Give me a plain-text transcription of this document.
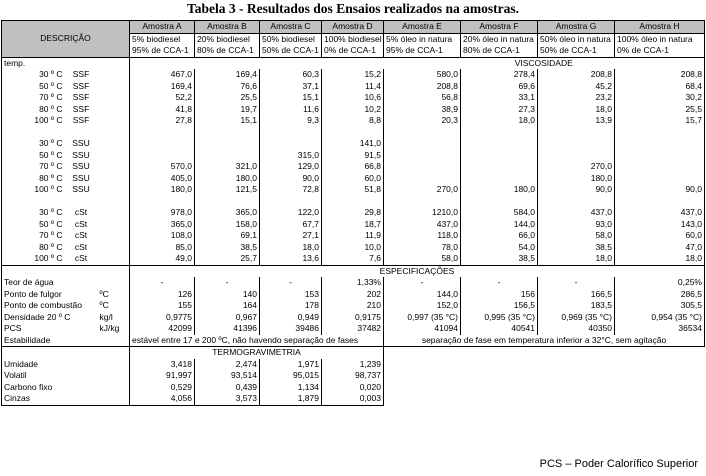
Tabela 3 - Resultados dos Ensaios realizados na amostras.
DESCRIÇÃO			Amostra A	Amostra B	Amostra C	Amostra D	Amostra E	Amostra F	Amostra G	Amostra H
			5% biodiesel	20% biodiesel	50% biodiesel	100% biodiesel	5% óleo in natura	20% óleo in natura	50% óleo in natura	100% óleo in natura
			95% de CCA-1	80% de CCA-1	50% de CCA-1	0% de CCA-1	95% de CCA-1	80% de CCA-1	50% de CCA-1	0% de CCA-1
temp.							VISCOSIDADE			
30 º C	SSF		467,0	169,4	60,3	15,2	580,0	278,4	208,8	208,8
50 º C	SSF		169,4	76,6	37,1	11,4	208,8	69,6	45,2	68,4
70 º C	SSF		52,2	25,5	15,1	10,6	56,8	33,1	23,2	30,2
80 º C	SSF		41,8	19,7	11,6	10,2	38,9	27,3	18,0	25,5
100 º C	SSF		27,8	15,1	9,3	8,8	20,3	18,0	13,9	15,7

30 º C	SSU					141,0				
50 º C	SSU				315,0	91,5				
70 º C	SSU		570,0	321,0	129,0	66,8			270,0	
80 º C	SSU		405,0	180,0	90,0	60,0			180,0	
100 º C	SSU		180,0	121,5	72,8	51,8	270,0	180,0	90,0	90,0

30 º C	cSt		978,0	365,0	122,0	29,8	1210,0	584,0	437,0	437,0
50 º C	cSt		365,0	158,0	67,7	18,7	437,0	144,0	93,0	143,0
70 º C	cSt		108,0	69,1	27,1	11,9	118,0	66,0	58,0	60,0
80 º C	cSt		85,0	38,5	18,0	10,0	78,0	54,0	38,5	47,0
100 º C	cSt		49,0	25,7	13,6	7,6	58,0	38,5	18,0	18,0
			ESPECIFICAÇÕES							
Teor de água			-	-	-	1,33%	-	-	-	0,25%
Ponto de fulgor		ºC	126	140	153	202	144,0	156	166,5	286,5
Ponto de combustão		ºC	155	164	178	210	152,0	156,5	183,5	305,5
Densidade 20 º C		kg/l	0,9775	0,967	0,949	0,9175	0,997 (35 °C)	0,995 (35 °C)	0,969 (35 °C)	0,954 (35 °C)
PCS		kJ/kg	42099	41396	39486	37482	41094	40541	40350	36534
Estabilidade			estável entre 17 e 200 ºC, não havendo separação de fases				separação de fase em temperatura inferior a 32°C, sem agitação			
			TERMOGRAVIMETRIA							
Umidade			3,418	2,474	1,971	1,239				
Volatil			91,997	93,514	95,015	98,737				
Carbono fixo			0,529	0,439	1,134	0,020				
Cinzas			4,056	3,573	1,879	0,003				
PCS – Poder Calorífico Superior
